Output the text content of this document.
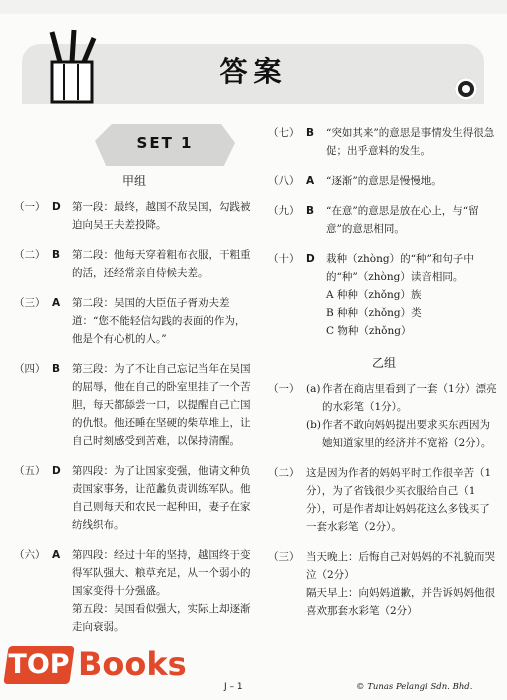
答案
SET 1
甲组
（一） D	第一段：最终，越国不敌吴国，勾践被迫向吴王夫差投降。
（二） B	第二段：他每天穿着粗布衣服，干粗重的活，还经常亲自侍候夫差。
（三） A	第二段：吴国的大臣伍子胥劝夫差道：“您不能轻信勾践的表面的作为，他是个有心机的人。”
（四） B	第三段：为了不让自己忘记当年在吴国的屈辱，他在自己的卧室里挂了一个苦胆，每天都舔尝一口，以提醒自己亡国的仇恨。他还睡在坚硬的柴草堆上，让自己时刻感受到苦难，以保持清醒。
（五） D	第四段：为了让国家变强，他请文种负责国家事务，让范蠡负责训练军队。他自己则每天和农民一起种田，妻子在家纺线织布。
（六） A	第四段：经过十年的坚持，越国终于变得军队强大、粮草充足，从一个弱小的国家变得十分强盛。
第五段：吴国看似强大，实际上却逐渐走向衰弱。
（七） B	“突如其来”的意思是事情发生得很急促；出乎意料的发生。
（八） A	“逐渐”的意思是慢慢地。
（九） B	“在意”的意思是放在心上，与“留意”的意思相同。
（十） D	栽种（zhòng）的“种”和句子中的“种”（zhòng）读音相同。
A 种种（zhǒng）族
B 种种（zhǒng）类
C 物种（zhǒng）
乙组
（一） (a) 作者在商店里看到了一套（1分）漂亮的水彩笔（1分）。
(b) 作者不敢向妈妈提出要求买东西因为她知道家里的经济并不宽裕（2分）。
（二） 这是因为作者的妈妈平时工作很辛苦（1分），为了省钱很少买衣服给自己（1分），可是作者却让妈妈花这么多钱买了一套水彩笔（2分）。
（三） 当天晚上：后悔自己对妈妈的不礼貌而哭泣（2分）
隔天早上：向妈妈道歉，并告诉妈妈他很喜欢那套水彩笔（2分）
TOP Books
J – 1	© Tunas Pelangi Sdn. Bhd.
